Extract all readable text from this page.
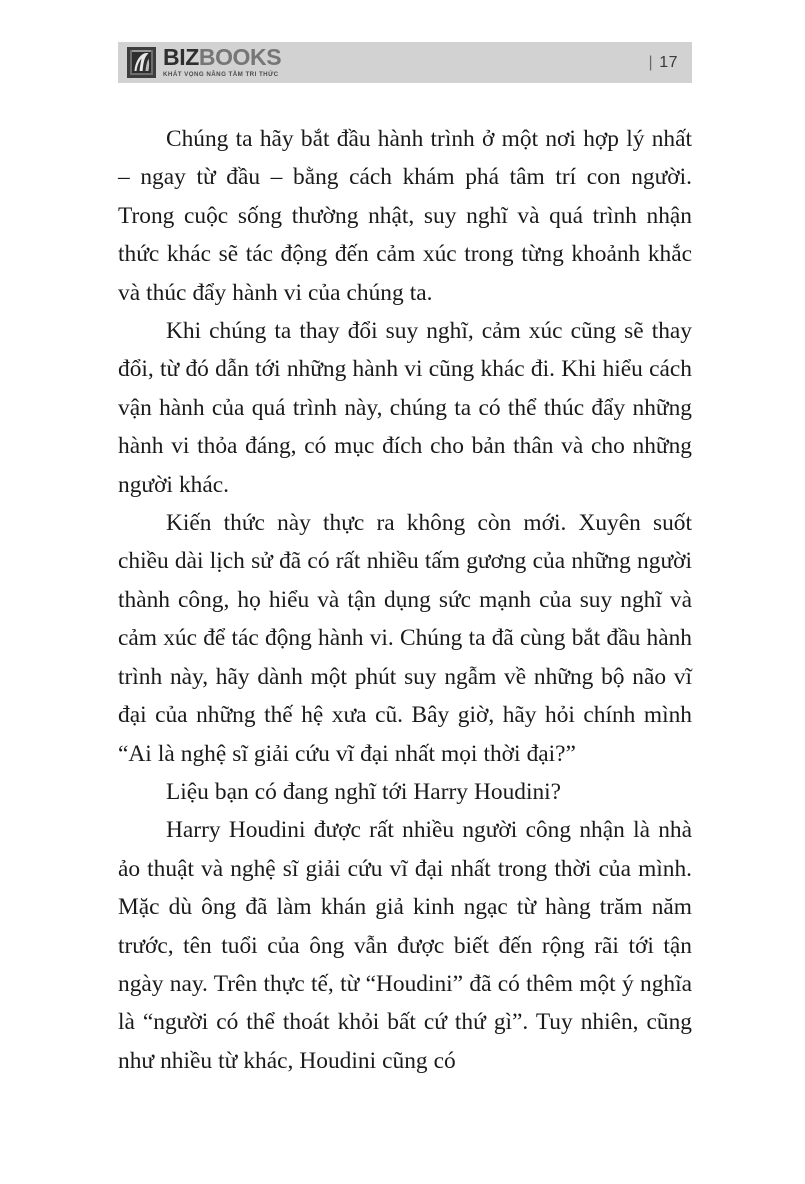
BIZBOOKS
KHÁT VỌNG NÂNG TẦM TRI THỨC
| 17

Chúng ta hãy bắt đầu hành trình ở một nơi hợp lý nhất – ngay từ đầu – bằng cách khám phá tâm trí con người. Trong cuộc sống thường nhật, suy nghĩ và quá trình nhận thức khác sẽ tác động đến cảm xúc trong từng khoảnh khắc và thúc đẩy hành vi của chúng ta.

Khi chúng ta thay đổi suy nghĩ, cảm xúc cũng sẽ thay đổi, từ đó dẫn tới những hành vi cũng khác đi. Khi hiểu cách vận hành của quá trình này, chúng ta có thể thúc đẩy những hành vi thỏa đáng, có mục đích cho bản thân và cho những người khác.

Kiến thức này thực ra không còn mới. Xuyên suốt chiều dài lịch sử đã có rất nhiều tấm gương của những người thành công, họ hiểu và tận dụng sức mạnh của suy nghĩ và cảm xúc để tác động hành vi. Chúng ta đã cùng bắt đầu hành trình này, hãy dành một phút suy ngẫm về những bộ não vĩ đại của những thế hệ xưa cũ. Bây giờ, hãy hỏi chính mình “Ai là nghệ sĩ giải cứu vĩ đại nhất mọi thời đại?”

Liệu bạn có đang nghĩ tới Harry Houdini?

Harry Houdini được rất nhiều người công nhận là nhà ảo thuật và nghệ sĩ giải cứu vĩ đại nhất trong thời của mình. Mặc dù ông đã làm khán giả kinh ngạc từ hàng trăm năm trước, tên tuổi của ông vẫn được biết đến rộng rãi tới tận ngày nay. Trên thực tế, từ “Houdini” đã có thêm một ý nghĩa là “người có thể thoát khỏi bất cứ thứ gì”. Tuy nhiên, cũng như nhiều từ khác, Houdini cũng có
